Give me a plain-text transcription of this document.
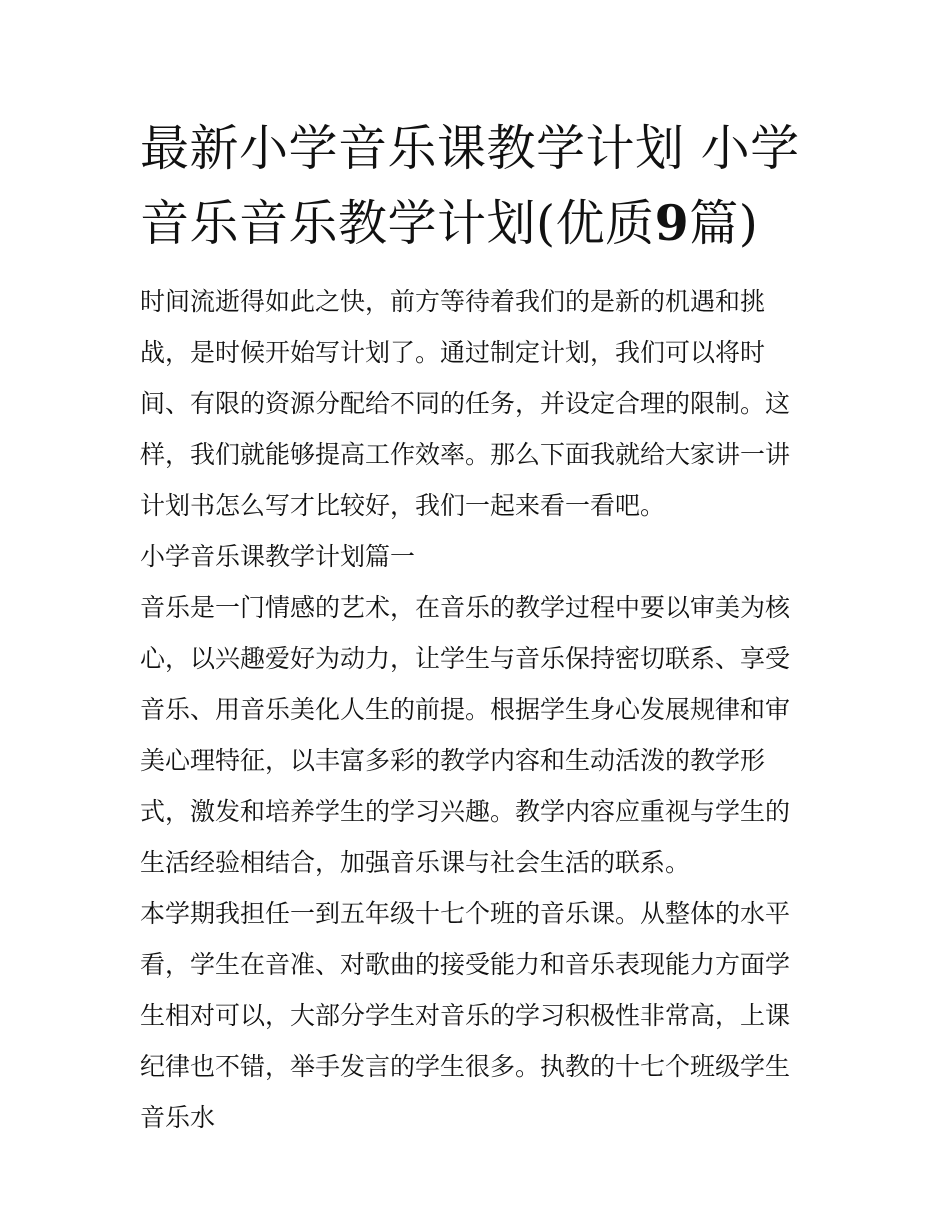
最新小学音乐课教学计划 小学音乐音乐教学计划(优质9篇)

时间流逝得如此之快，前方等待着我们的是新的机遇和挑战，是时候开始写计划了。通过制定计划，我们可以将时间、有限的资源分配给不同的任务，并设定合理的限制。这样，我们就能够提高工作效率。那么下面我就给大家讲一讲计划书怎么写才比较好，我们一起来看一看吧。

小学音乐课教学计划篇一

音乐是一门情感的艺术，在音乐的教学过程中要以审美为核心，以兴趣爱好为动力，让学生与音乐保持密切联系、享受音乐、用音乐美化人生的前提。根据学生身心发展规律和审美心理特征，以丰富多彩的教学内容和生动活泼的教学形式，激发和培养学生的学习兴趣。教学内容应重视与学生的生活经验相结合，加强音乐课与社会生活的联系。

本学期我担任一到五年级十七个班的音乐课。从整体的水平看，学生在音准、对歌曲的接受能力和音乐表现能力方面学生相对可以，大部分学生对音乐的学习积极性非常高，上课纪律也不错，举手发言的学生很多。执教的十七个班级学生音乐水
